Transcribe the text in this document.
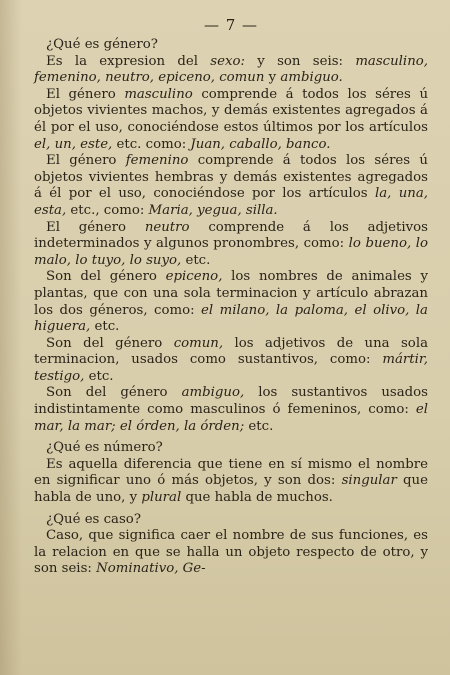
— 7 —

¿Qué es género?

Es la expresion del sexo: y son seis: masculino, femenino, neutro, epiceno, comun y ambiguo.

El género masculino comprende á todos los séres ú objetos vivientes machos, y demás existentes agregados á él por el uso, conociéndose estos últimos por los artículos el, un, este, etc. como: Juan, caballo, banco.

El género femenino comprende á todos los séres ú objetos vivientes hembras y demás existentes agregados á él por el uso, conociéndose por los artículos la, una, esta, etc., como: Maria, yegua, silla.

El género neutro comprende á los adjetivos indeterminados y algunos pronombres, como: lo bueno, lo malo, lo tuyo, lo suyo, etc.

Son del género epiceno, los nombres de animales y plantas, que con una sola terminacion y artículo abrazan los dos géneros, como: el milano, la paloma, el olivo, la higuera, etc.

Son del género comun, los adjetivos de una sola terminacion, usados como sustantivos, como: mártir, testigo, etc.

Son del género ambiguo, los sustantivos usados indistintamente como masculinos ó femeninos, como: el mar, la mar; el órden, la órden; etc.

¿Qué es número?

Es aquella diferencia que tiene en sí mismo el nombre en significar uno ó más objetos, y son dos: singular que habla de uno, y plural que habla de muchos.

¿Qué es caso?

Caso, que significa caer el nombre de sus funciones, es la relacion en que se halla un objeto respecto de otro, y son seis: Nominativo, Ge-
